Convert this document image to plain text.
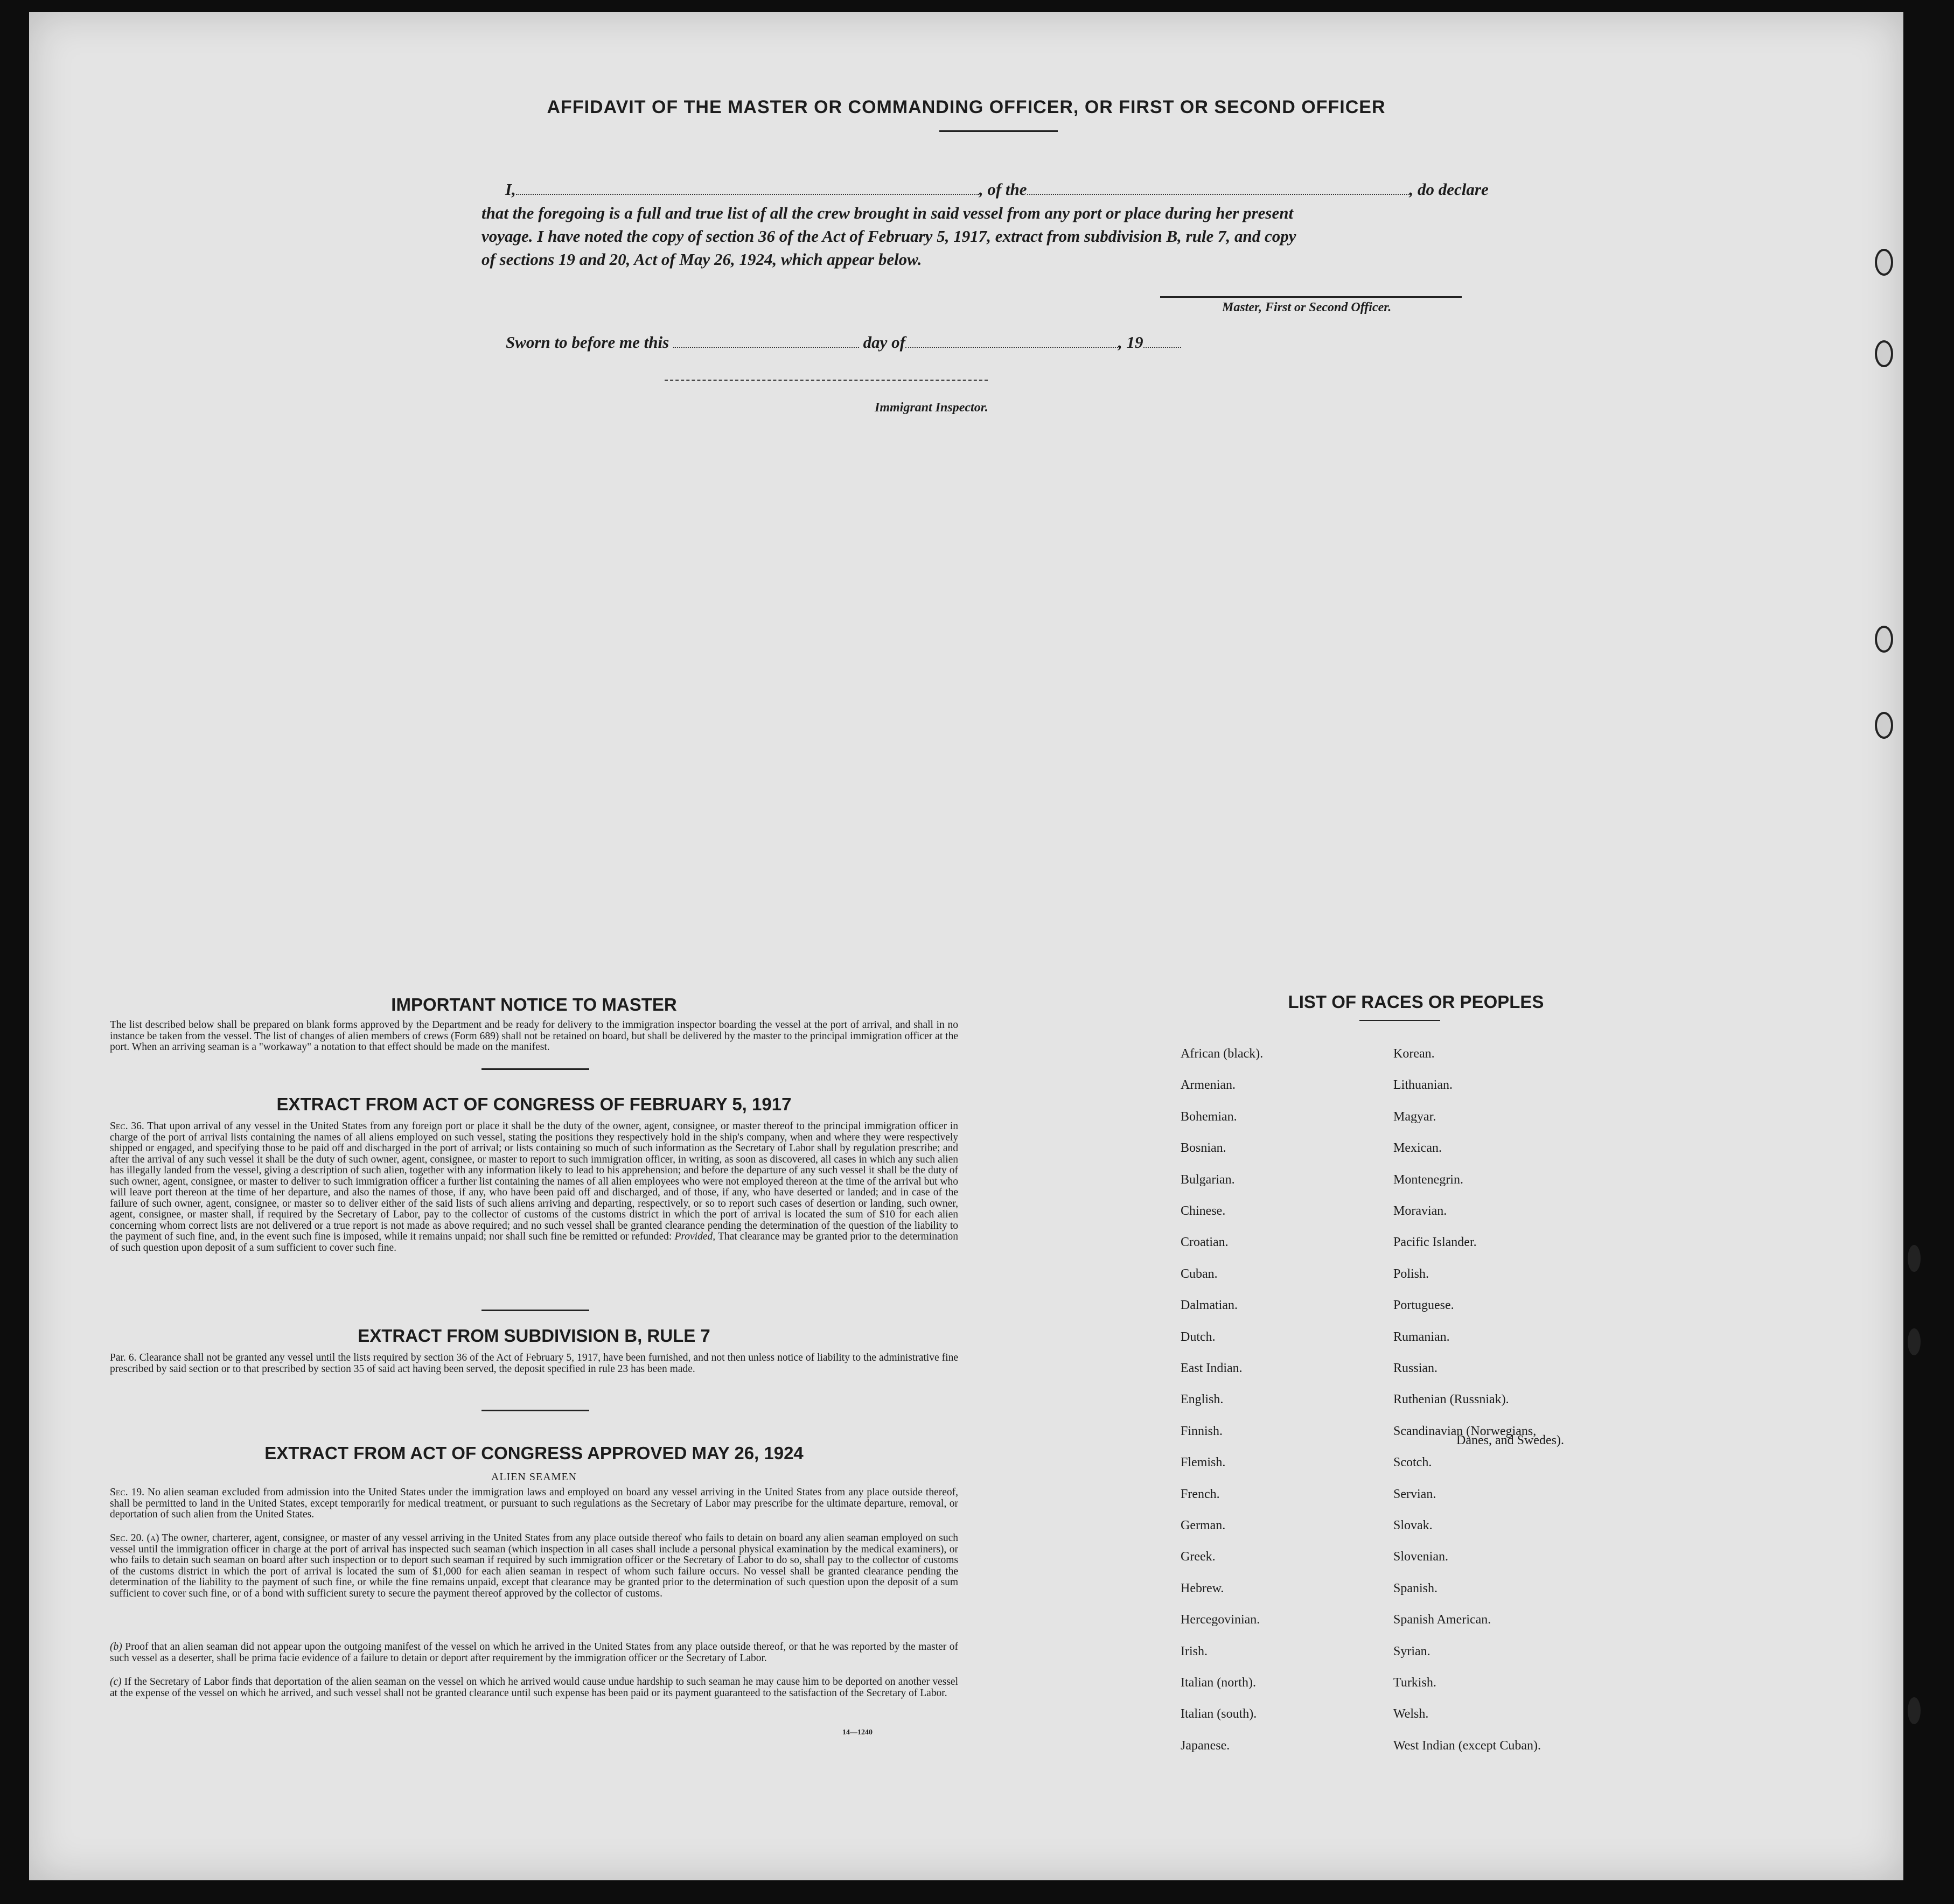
AFFIDAVIT OF THE MASTER OR COMMANDING OFFICER, OR FIRST OR SECOND OFFICER
I,	, of the	, do declare
that the foregoing is a full and true list of all the crew brought in said vessel from any port or place during her present
voyage. I have noted the copy of section 36 of the Act of February 5, 1917, extract from subdivision B, rule 7, and copy
of sections 19 and 20, Act of May 26, 1924, which appear below.
Master, First or Second Officer.
Sworn to before me this	day of	, 19
Immigrant Inspector.
IMPORTANT NOTICE TO MASTER
The list described below shall be prepared on blank forms approved by the Department and be ready for delivery to the immigration inspector boarding the vessel at the port of arrival, and shall in no instance be taken from the vessel. The list of changes of alien members of crews (Form 689) shall not be retained on board, but shall be delivered by the master to the principal immigration officer at the port. When an arriving seaman is a "workaway" a notation to that effect should be made on the manifest.
EXTRACT FROM ACT OF CONGRESS OF FEBRUARY 5, 1917
Sec. 36. That upon arrival of any vessel in the United States from any foreign port or place it shall be the duty of the owner, agent, consignee, or master thereof to the principal immigration officer in charge of the port of arrival lists containing the names of all aliens employed on such vessel, stating the positions they respectively hold in the ship's company, when and where they were respectively shipped or engaged, and specifying those to be paid off and discharged in the port of arrival; or lists containing so much of such information as the Secretary of Labor shall by regulation prescribe; and after the arrival of any such vessel it shall be the duty of such owner, agent, consignee, or master to report to such immigration officer, in writing, as soon as discovered, all cases in which any such alien has illegally landed from the vessel, giving a description of such alien, together with any information likely to lead to his apprehension; and before the departure of any such vessel it shall be the duty of such owner, agent, consignee, or master to deliver to such immigration officer a further list containing the names of all alien employees who were not employed thereon at the time of the arrival but who will leave port thereon at the time of her departure, and also the names of those, if any, who have been paid off and discharged, and of those, if any, who have deserted or landed; and in case of the failure of such owner, agent, consignee, or master so to deliver either of the said lists of such aliens arriving and departing, respectively, or so to report such cases of desertion or landing, such owner, agent, consignee, or master shall, if required by the Secretary of Labor, pay to the collector of customs of the customs district in which the port of arrival is located the sum of $10 for each alien concerning whom correct lists are not delivered or a true report is not made as above required; and no such vessel shall be granted clearance pending the determination of the question of the liability to the payment of such fine, and, in the event such fine is imposed, while it remains unpaid; nor shall such fine be remitted or refunded: Provided, That clearance may be granted prior to the determination of such question upon deposit of a sum sufficient to cover such fine.
EXTRACT FROM SUBDIVISION B, RULE 7
Par. 6. Clearance shall not be granted any vessel until the lists required by section 36 of the Act of February 5, 1917, have been furnished, and not then unless notice of liability to the administrative fine prescribed by said section or to that prescribed by section 35 of said act having been served, the deposit specified in rule 23 has been made.
EXTRACT FROM ACT OF CONGRESS APPROVED MAY 26, 1924
ALIEN SEAMEN
Sec. 19. No alien seaman excluded from admission into the United States under the immigration laws and employed on board any vessel arriving in the United States from any place outside thereof, shall be permitted to land in the United States, except temporarily for medical treatment, or pursuant to such regulations as the Secretary of Labor may prescribe for the ultimate departure, removal, or deportation of such alien from the United States.
Sec. 20. (a) The owner, charterer, agent, consignee, or master of any vessel arriving in the United States from any place outside thereof who fails to detain on board any alien seaman employed on such vessel until the immigration officer in charge at the port of arrival has inspected such seaman (which inspection in all cases shall include a personal physical examination by the medical examiners), or who fails to detain such seaman on board after such inspection or to deport such seaman if required by such immigration officer or the Secretary of Labor to do so, shall pay to the collector of customs of the customs district in which the port of arrival is located the sum of $1,000 for each alien seaman in respect of whom such failure occurs. No vessel shall be granted clearance pending the determination of the liability to the payment of such fine, or while the fine remains unpaid, except that clearance may be granted prior to the determination of such question upon the deposit of a sum sufficient to cover such fine, or of a bond with sufficient surety to secure the payment thereof approved by the collector of customs.
(b) Proof that an alien seaman did not appear upon the outgoing manifest of the vessel on which he arrived in the United States from any place outside thereof, or that he was reported by the master of such vessel as a deserter, shall be prima facie evidence of a failure to detain or deport after requirement by the immigration officer or the Secretary of Labor.
(c) If the Secretary of Labor finds that deportation of the alien seaman on the vessel on which he arrived would cause undue hardship to such seaman he may cause him to be deported on another vessel at the expense of the vessel on which he arrived, and such vessel shall not be granted clearance until such expense has been paid or its payment guaranteed to the satisfaction of the Secretary of Labor.
14—1240
LIST OF RACES OR PEOPLES
African (black).
Armenian.
Bohemian.
Bosnian.
Bulgarian.
Chinese.
Croatian.
Cuban.
Dalmatian.
Dutch.
East Indian.
English.
Finnish.
Flemish.
French.
German.
Greek.
Hebrew.
Hercegovinian.
Irish.
Italian (north).
Italian (south).
Japanese.
Korean.
Lithuanian.
Magyar.
Mexican.
Montenegrin.
Moravian.
Pacific Islander.
Polish.
Portuguese.
Rumanian.
Russian.
Ruthenian (Russniak).
Scandinavian (Norwegians,
Scotch.
Servian.
Slovak.
Slovenian.
Spanish.
Spanish American.
Syrian.
Turkish.
Welsh.
West Indian (except Cuban).
Danes, and Swedes).
